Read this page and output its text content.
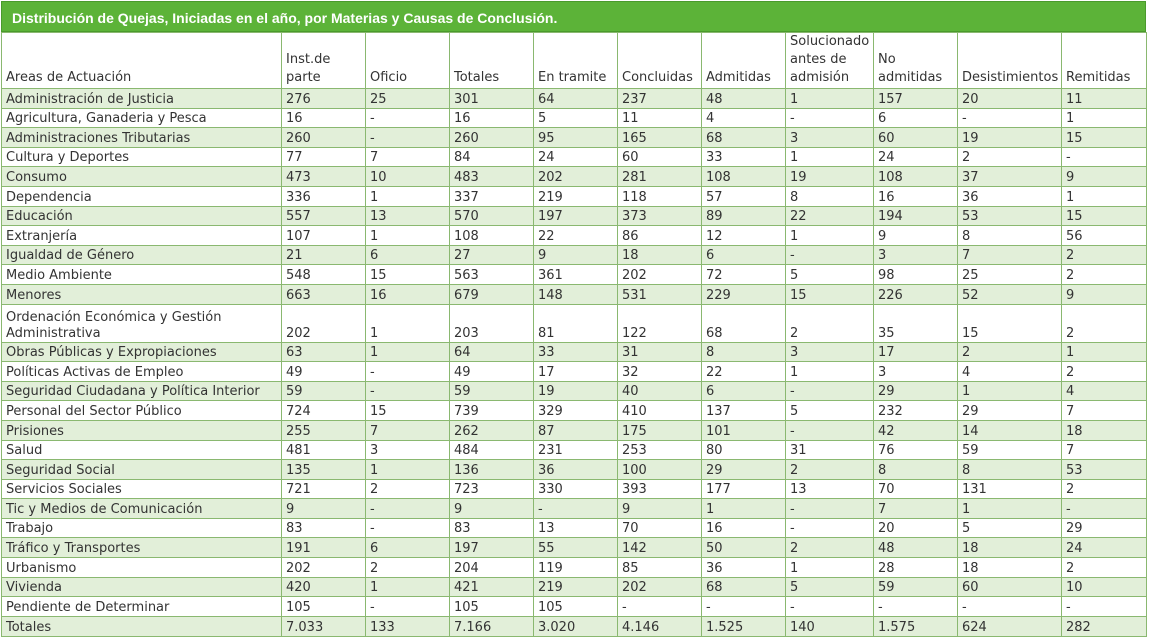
Distribución de Quejas, Iniciadas en el año, por Materias y Causas de Conclusión.
Areas de Actuación	Inst.de parte	Oficio	Totales	En tramite	Concluidas	Admitidas	Solucionado antes de admisión	No admitidas	Desistimientos	Remitidas
Administración de Justicia	276	25	301	64	237	48	1	157	20	11
Agricultura, Ganaderia y Pesca	16	-	16	5	11	4	-	6	-	1
Administraciones Tributarias	260	-	260	95	165	68	3	60	19	15
Cultura y Deportes	77	7	84	24	60	33	1	24	2	-
Consumo	473	10	483	202	281	108	19	108	37	9
Dependencia	336	1	337	219	118	57	8	16	36	1
Educación	557	13	570	197	373	89	22	194	53	15
Extranjería	107	1	108	22	86	12	1	9	8	56
Igualdad de Género	21	6	27	9	18	6	-	3	7	2
Medio Ambiente	548	15	563	361	202	72	5	98	25	2
Menores	663	16	679	148	531	229	15	226	52	9
Ordenación Económica y Gestión Administrativa	202	1	203	81	122	68	2	35	15	2
Obras Públicas y Expropiaciones	63	1	64	33	31	8	3	17	2	1
Políticas Activas de Empleo	49	-	49	17	32	22	1	3	4	2
Seguridad Ciudadana y Política Interior	59	-	59	19	40	6	-	29	1	4
Personal del Sector Público	724	15	739	329	410	137	5	232	29	7
Prisiones	255	7	262	87	175	101	-	42	14	18
Salud	481	3	484	231	253	80	31	76	59	7
Seguridad Social	135	1	136	36	100	29	2	8	8	53
Servicios Sociales	721	2	723	330	393	177	13	70	131	2
Tic y Medios de Comunicación	9	-	9	-	9	1	-	7	1	-
Trabajo	83	-	83	13	70	16	-	20	5	29
Tráfico y Transportes	191	6	197	55	142	50	2	48	18	24
Urbanismo	202	2	204	119	85	36	1	28	18	2
Vivienda	420	1	421	219	202	68	5	59	60	10
Pendiente de Determinar	105	-	105	105	-	-	-	-	-	-
Totales	7.033	133	7.166	3.020	4.146	1.525	140	1.575	624	282
